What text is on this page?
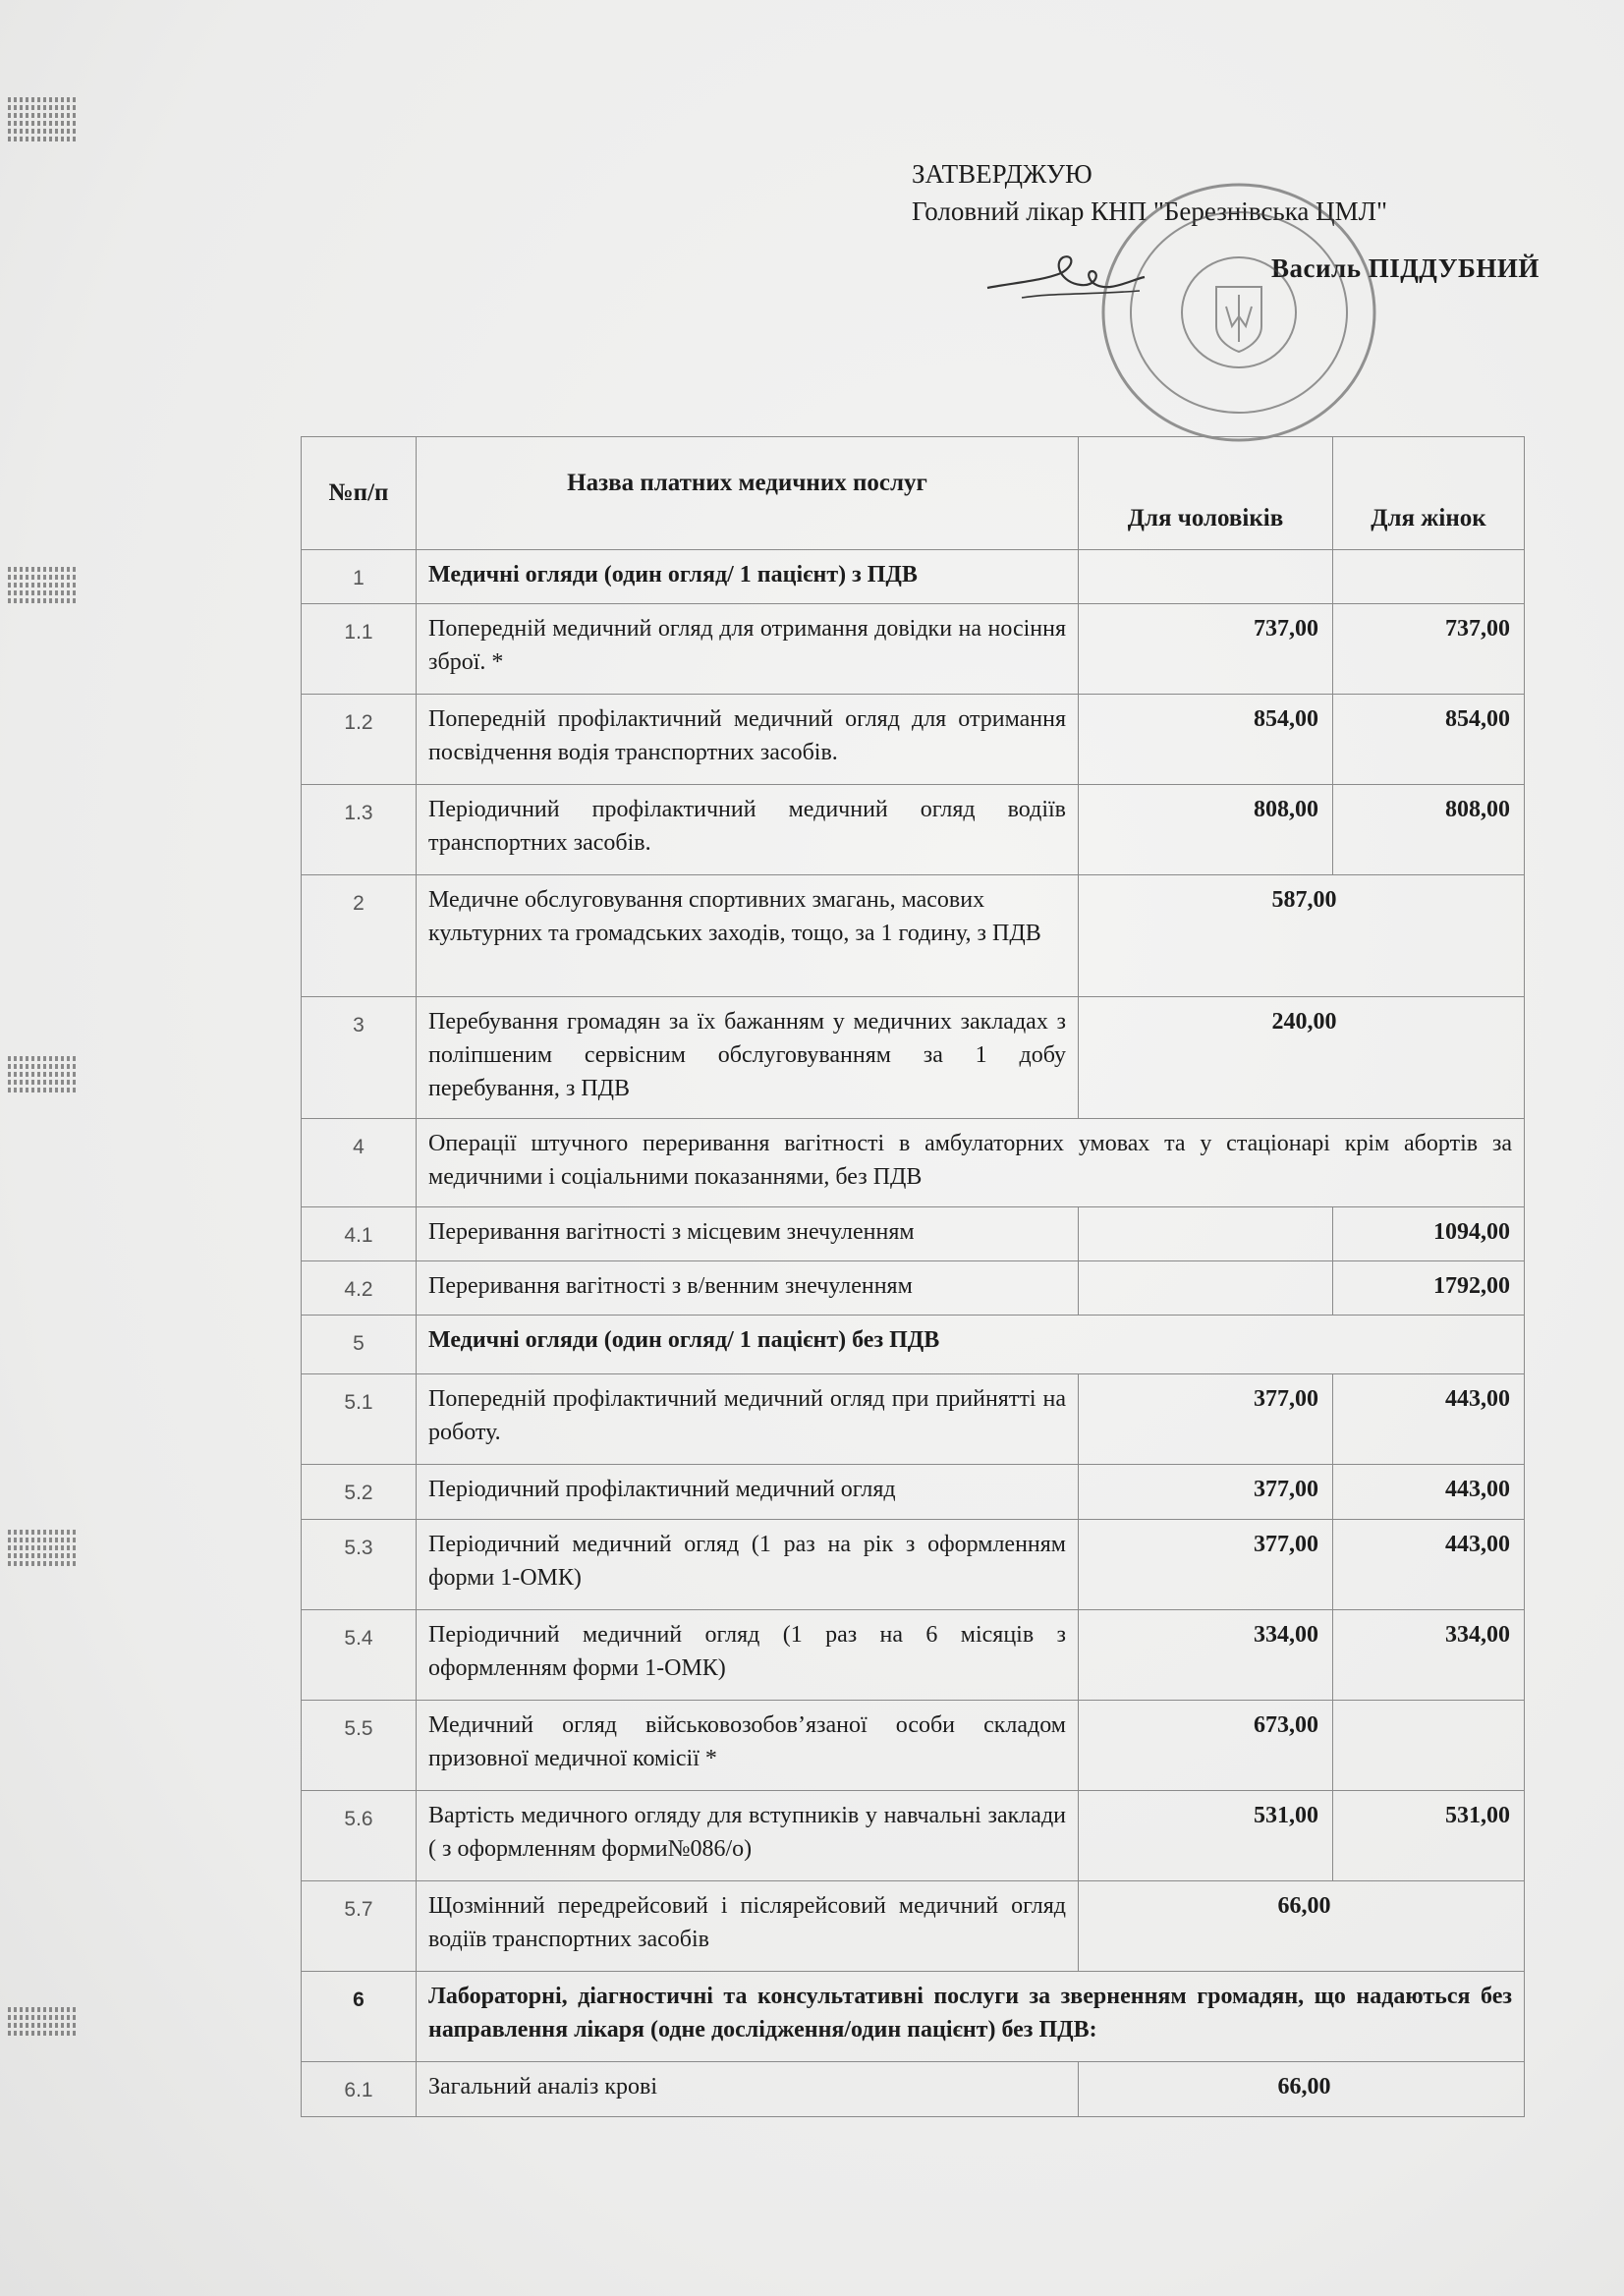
ЗАТВЕРДЖУЮ
Головний лікар КНП "Березнівська ЦМЛ"
Василь ПІДДУБНИЙ
№п/п	Назва платних медичних послуг	Для чоловіків	Для жінок
1	Медичні огляди (один огляд/ 1 пацієнт) з ПДВ		
1.1	Попередній медичний огляд для отримання довідки на носіння зброї. *	737,00	737,00
1.2	Попередній профілактичний медичний огляд для отримання посвідчення водія транспортних засобів.	854,00	854,00
1.3	Періодичний профілактичний медичний огляд водіїв транспортних засобів.	808,00	808,00
2	Медичне обслуговування спортивних змагань, масових культурних та громадських заходів, тощо, за 1 годину, з ПДВ	587,00	
3	Перебування громадян за їх бажанням у медичних закладах з поліпшеним сервісним обслуговуванням за 1 добу перебування, з ПДВ	240,00	
4	Операції штучного переривання вагітності в амбулаторних умовах та у стаціонарі крім абортів за медичними і соціальними показаннями, без ПДВ		
4.1	Переривання вагітності з місцевим знечуленням		1094,00
4.2	Переривання вагітності з в/венним знечуленням		1792,00
5	Медичні огляди (один огляд/ 1 пацієнт) без ПДВ		
5.1	Попередній профілактичний медичний огляд при прийнятті на роботу.	377,00	443,00
5.2	Періодичний профілактичний медичний огляд	377,00	443,00
5.3	Періодичний медичний огляд (1 раз на рік з оформленням форми 1-ОМК)	377,00	443,00
5.4	Періодичний медичний огляд (1 раз на 6 місяців з оформленням форми 1-ОМК)	334,00	334,00
5.5	Медичний огляд військовозобов’язаної особи складом призовної медичної комісії *	673,00	
5.6	Вартість медичного огляду для вступників у навчальні заклади ( з оформленням форми№086/о)	531,00	531,00
5.7	Щозмінний передрейсовий і післярейсовий медичний огляд водіїв транспортних засобів	66,00	
6	Лабораторні, діагностичні та консультативні послуги за зверненням громадян, що надаються без направлення лікаря (одне дослідження/один пацієнт) без ПДВ:		
6.1	Загальний аналіз крові	66,00	
